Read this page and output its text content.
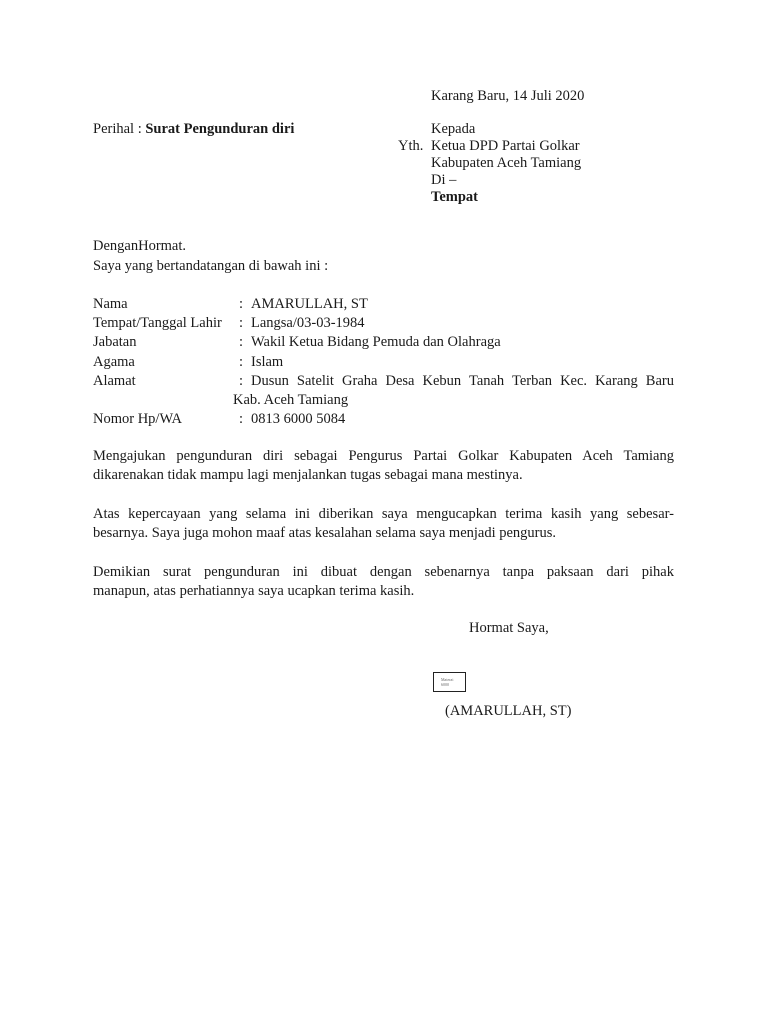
Karang Baru, 14 Juli 2020
Perihal : Surat Pengunduran diri	Kepada
Yth. Ketua DPD Partai Golkar
Kabupaten Aceh Tamiang
Di –
Tempat
DenganHormat.
Saya yang bertandatangan di bawah ini :
Nama	: AMARULLAH, ST
Tempat/Tanggal Lahir : Langsa/03-03-1984
Jabatan	: Wakil Ketua Bidang Pemuda dan Olahraga
Agama	: Islam
Alamat	: Dusun Satelit Graha Desa Kebun Tanah Terban Kec. Karang Baru
Kab. Aceh Tamiang
Nomor Hp/WA	: 0813 6000 5084
Mengajukan pengunduran diri sebagai Pengurus Partai Golkar Kabupaten Aceh Tamiang
dikarenakan tidak mampu lagi menjalankan tugas sebagai mana mestinya.
Atas kepercayaan yang selama ini diberikan saya mengucapkan terima kasih yang sebesar-
besarnya. Saya juga mohon maaf atas kesalahan selama saya menjadi pengurus.
Demikian surat pengunduran ini dibuat dengan sebenarnya tanpa paksaan dari pihak
manapun, atas perhatiannya saya ucapkan terima kasih.
Hormat Saya,
Materai
6000
(AMARULLAH, ST)
